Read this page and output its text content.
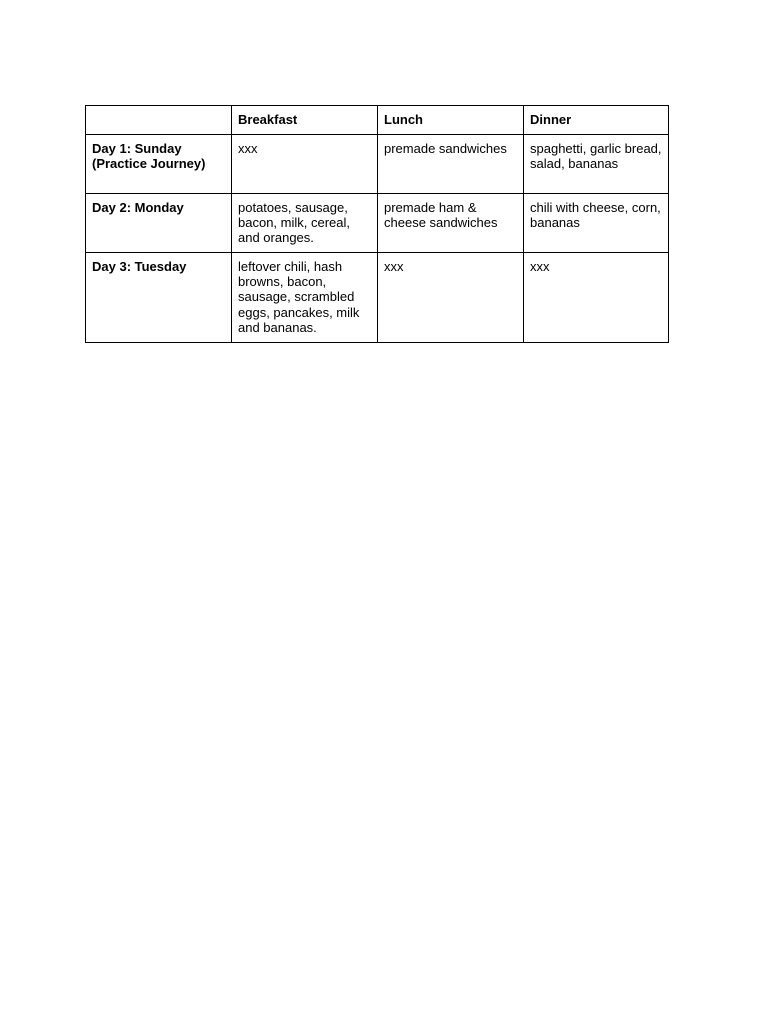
	Breakfast	Lunch	Dinner
Day 1: Sunday (Practice Journey)	xxx	premade sandwiches	spaghetti, garlic bread, salad, bananas
Day 2: Monday	potatoes, sausage, bacon, milk, cereal, and oranges.	premade ham & cheese sandwiches	chili with cheese, corn, bananas
Day 3: Tuesday	leftover chili, hash browns, bacon, sausage, scrambled eggs, pancakes, milk and bananas.	xxx	xxx
